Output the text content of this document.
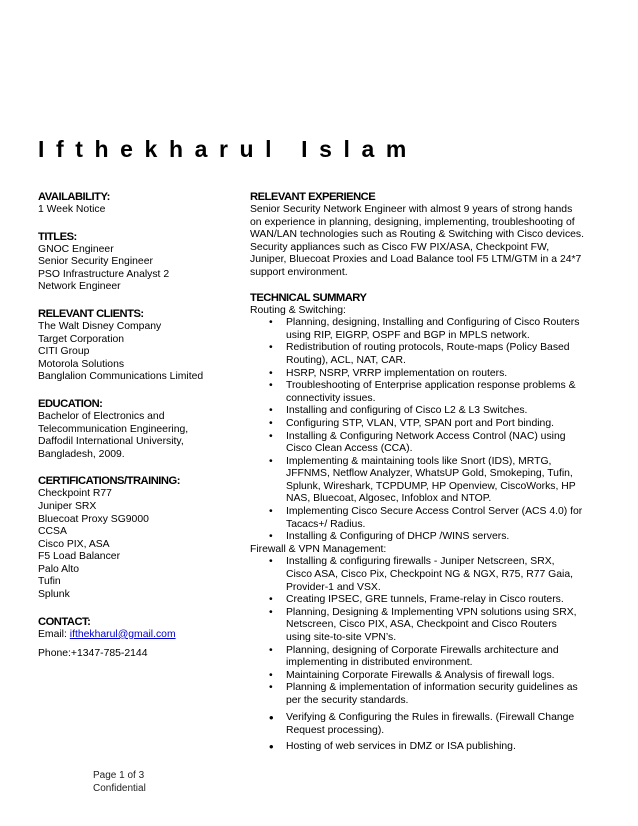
Ifthekharul Islam
AVAILABILITY:
1 Week Notice
TITLES:
GNOC Engineer
Senior Security Engineer
PSO Infrastructure Analyst 2
Network Engineer
RELEVANT CLIENTS:
The Walt Disney Company
Target Corporation
CITI Group
Motorola Solutions
Banglalion Communications Limited
EDUCATION:
Bachelor of Electronics and
Telecommunication Engineering,
Daffodil International University,
Bangladesh, 2009.
CERTIFICATIONS/TRAINING:
Checkpoint R77
Juniper SRX
Bluecoat Proxy SG9000
CCSA
Cisco PIX, ASA
F5 Load Balancer
Palo Alto
Tufin
Splunk
CONTACT:
Email: ifthekharul@gmail.com
Phone:+1347-785-2144
RELEVANT EXPERIENCE
Senior Security Network Engineer with almost 9 years of strong hands
on experience in planning, designing, implementing, troubleshooting of
WAN/LAN technologies such as Routing & Switching with Cisco devices.
Security appliances such as Cisco FW PIX/ASA, Checkpoint FW,
Juniper, Bluecoat Proxies and Load Balance tool F5 LTM/GTM in a 24*7
support environment.
TECHNICAL SUMMARY
Routing & Switching:
• Planning, designing, Installing and Configuring of Cisco Routers
using RIP, EIGRP, OSPF and BGP in MPLS network.
• Redistribution of routing protocols, Route-maps (Policy Based
Routing), ACL, NAT, CAR.
• HSRP, NSRP, VRRP implementation on routers.
• Troubleshooting of Enterprise application response problems &
connectivity issues.
• Installing and configuring of Cisco L2 & L3 Switches.
• Configuring STP, VLAN, VTP, SPAN port and Port binding.
• Installing & Configuring Network Access Control (NAC) using
Cisco Clean Access (CCA).
• Implementing & maintaining tools like Snort (IDS), MRTG,
JFFNMS, Netflow Analyzer, WhatsUP Gold, Smokeping, Tufin,
Splunk, Wireshark, TCPDUMP, HP Openview, CiscoWorks, HP
NAS, Bluecoat, Algosec, Infoblox and NTOP.
• Implementing Cisco Secure Access Control Server (ACS 4.0) for
Tacacs+/ Radius.
• Installing & Configuring of DHCP /WINS servers.
Firewall & VPN Management:
• Installing & configuring firewalls - Juniper Netscreen, SRX,
Cisco ASA, Cisco Pix, Checkpoint NG & NGX, R75, R77 Gaia,
Provider-1 and VSX.
• Creating IPSEC, GRE tunnels, Frame-relay in Cisco routers.
• Planning, Designing & Implementing VPN solutions using SRX,
Netscreen, Cisco PIX, ASA, Checkpoint and Cisco Routers
using site-to-site VPN’s.
• Planning, designing of Corporate Firewalls architecture and
implementing in distributed environment.
• Maintaining Corporate Firewalls & Analysis of firewall logs.
• Planning & implementation of information security guidelines as
per the security standards.
• Verifying & Configuring the Rules in firewalls. (Firewall Change
Request processing).
• Hosting of web services in DMZ or ISA publishing.
Page 1 of 3
Confidential
